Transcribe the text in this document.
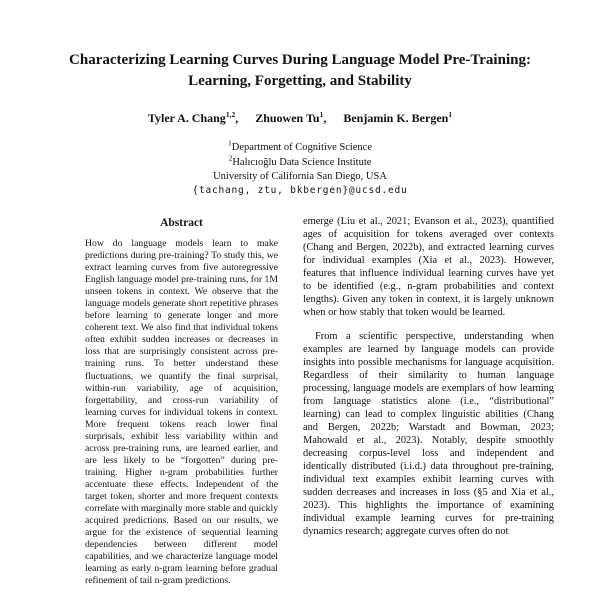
Characterizing Learning Curves During Language Model Pre-Training:
Learning, Forgetting, and Stability
Tyler A. Chang$^{1,2}$, Zhuowen Tu$^1$, Benjamin K. Bergen$^1$
$^1$Department of Cognitive Science
$^2$Halıcıoğlu Data Science Institute
University of California San Diego, USA
{tachang, ztu, bkbergen}@ucsd.edu
Abstract

How do language models learn to make predictions during pre-training? To study this, we extract learning curves from five autoregressive English language model pre-training runs, for 1M unseen tokens in context. We observe that the language models generate short repetitive phrases before learning to generate longer and more coherent text. We also find that individual tokens often exhibit sudden increases or decreases in loss that are surprisingly consistent across pre-training runs. To better understand these fluctuations, we quantify the final surprisal, within-run variability, age of acquisition, forgettability, and cross-run variability of learning curves for individual tokens in context. More frequent tokens reach lower final surprisals, exhibit less variability within and across pre-training runs, are learned earlier, and are less likely to be “forgotten” during pre-training. Higher n-gram probabilities further accentuate these effects. Independent of the target token, shorter and more frequent contexts correlate with marginally more stable and quickly acquired predictions. Based on our results, we argue for the existence of sequential learning dependencies between different model capabilities, and we characterize language model learning as early n-gram learning before gradual refinement of tail n-gram predictions.

emerge (Liu et al., 2021; Evanson et al., 2023), quantified ages of acquisition for tokens averaged over contexts (Chang and Bergen, 2022b), and extracted learning curves for individual examples (Xia et al., 2023). However, features that influence individual learning curves have yet to be identified (e.g., n-gram probabilities and context lengths). Given any token in context, it is largely unknown when or how stably that token would be learned.

From a scientific perspective, understanding when examples are learned by language models can provide insights into possible mechanisms for language acquisition. Regardless of their similarity to human language processing, language models are exemplars of how learning from language statistics alone (i.e., “distributional” learning) can lead to complex linguistic abilities (Chang and Bergen, 2022b; Warstadt and Bowman, 2023; Mahowald et al., 2023). Notably, despite smoothly decreasing corpus-level loss and independent and identically distributed (i.i.d.) data throughout pre-training, individual text examples exhibit learning curves with sudden decreases and increases in loss (§5 and Xia et al., 2023). This highlights the importance of examining individual example learning curves for pre-training dynamics research; aggregate curves often do not
